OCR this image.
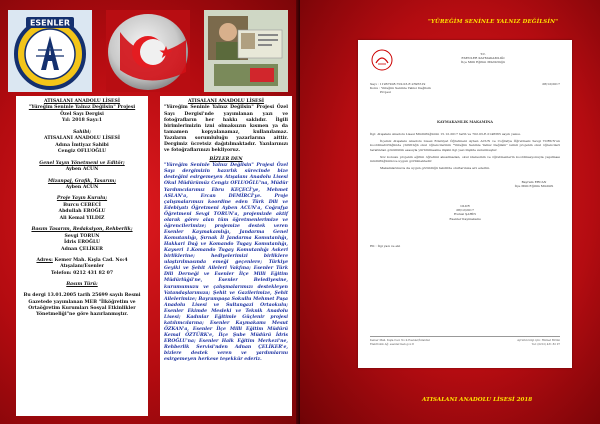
ESENLER

ATISALANI ANADOLU LİSESİ

"Yüreğim Seninle Yalnız Değilsin" Projesi

Özel Sayı Dergisi

Yıl: 2018 Sayı:1

Sahibi;

ATISALANI ANADOLU LİSESİ

Adına İmtiyaz Sahibi

Cengiz OFLUOĞLU

Genel Yayın Yönetmeni ve Editör;

Ayben ACUN

Mizanpaj, Grafik, Tasarım;

Ayben ACUN

Proje Yayın Kurulu;

Burcu CEBECİ

Abdullah EROĞLU

Ali Kemal YILDIZ

Basım Tasarım, Redaksiyon, Rehberlik;

Sevgi TORUN

İdris EROĞLU

Adnan ÇELİKER

Adres: Kemer Mah. Kışla Cad. No:4 Atışalanı/Esenler

Telefon: 0212 431 82 07

Basım Türü:

Bu dergi 13.01.2005 tarih 25699 sayılı Resmi Gazetede yayımlanan MEB "İlköğretim ve Ortaöğretim Kurumları Sosyal Etkinlikler Yönetmeliği"ne göre hazırlanmıştır.

ATISALANI ANADOLU LİSESİ

"Yüreğim Seninle Yalnız Değilsin" Projesi Özel Sayı Dergisi'nde yayımlanan yazı ve fotoğrafların her hakkı saklıdır. İlgili birimlerimizin izni olmaksızın kısmen ya da tamamen kopyalanamaz, kullanılamaz. Yazıların sorumluluğu yazarlarına aittir. Dergimiz ücretsiz dağıtılmaktadır. Yazılarınızı ve fotoğraflarınızı bekliyoruz.

BİZLER DEN

"Yüreğim Seninle Yalnız Değilsin" Projesi Özel Sayı dergimizin hazırlık sürecinde bize desteğini esirgemeyen Atışalanı Anadolu Lisesi Okul Müdürümüz Cengiz OFLUOĞLU'na, Müdür Yardımcılarımız Ebru KEÇECİ'ye, Mehmet ASLAN'a, Ercan DEMİRCİ'ye. Proje çalışmalarımızı koordine eden Türk Dili ve Edebiyatı Öğretmeni Ayben ACUN'a, Coğrafya Öğretmeni Sevgi TORUN'a, projemizde aktif olarak görev alan tüm öğretmenlerimize ve öğrencilerimize; projemize destek veren Esenler Kaymakamlığı, Jandarma Genel Komutanlığı, Şırnak İl Jandarma Komutanlığı, Hakkari Dağ ve Komando Tugay Komutanlığı, Kayseri 1.Komando Tugay Komutanlığı Askeri birliklerine; hediyelerimizi birliklere ulaştırılmasında emeği geçenlere; Türkiye Geyiki ve Şehit Aileleri Vakfına; Esenler Türk Dili Derneği ve Esenler İlçe Milli Eğitim Müdürlüğü'ne, Esenler Belediyesine, kurumumuzu ve çalışmalarımızı destekleyen Vatandaşlarımıza; Şehit ve Gazilerimize, Şehit Ailelerimize; Bayrampaşa Sokullu Mehmet Paşa Anadolu Lisesi ve Sultangazi Ortaokulu; Esenler Ekimde Mesleki ve Teknik Anadolu Lisesi; Kadınlar Eğitimle Güçlenir projesi katılımcılarına; Esenler Kaymakamı Mesut ÖZKAN'a, Esenler İlçe Milli Eğitim Müdürü Kemal ÖZTÜRK'e, İlçe Şube Müdürü İdris EROĞLU'na; Esenler Halk Eğitim Merkezi'ne, Rehberlik Servisi'nden Adnan ÇELİKER'e, bizlere destek veren ve yardımlarını esirgemeyen herkese teşekkür ederiz.

"YÜREĞİM SENİNLE YALNIZ DEĞİLSİN"

T.C.

ESENLER KAYMAKAMLIĞI

İlçe Milli Eğitim Müdürlüğü

Sayı : 11967208-702.03-E.2395519	28/12/2017

Konu : Yüreğim Seninle Yalnız Değilsin

Projesi

KAYMAKAMLIK MAKAMINA

İlgi: Atışalanı Anadolu Lisesi Müdürlüğünün 15.12.2017 tarih ve 702.03-E.2148365 sayılı yazısı.

İlçemiz Atışalanı Anadolu Lisesi Edebiyat Öğretmeni Ayben ACUN ve Coğrafya Öğretmeni Sevgi TORUN'un koordinatörlüğünde yürüttüğü okul öğrencilerinin "Yüreğim Seninle Yalnız Değilsin" isimli projenin okul öğrencileri tarafından gönüllülük esasıyla yürütülmesine ilişkin ilgi yazı ilişikte sunulmuştur.

Söz konusu projenin eğitim öğretimi aksatmadan, okul idaresinin ve öğretmenlerin koordinasyonuyla yapılması müdürlüğümüzce uygun görülmektedir.

Makamlarınızca da uygun görüldüğü takdirde olurlarınıza arz ederim.

Bayram ERCAN

İlçe Milli Eğitim Müdürü

OLUR

28/12/2017

Hulusi ŞAHİN

Esenler Kaymakamı

EK : İlgi yazı ve eki

Kemer Mah. Kışla Cad. No:4 Esenler/İstanbul

Elektronik Ağ: esenler.meb.gov.tr

Ayrıntılı bilgi için: Hizmet Birimi

Tel: (0212) 431 82 07

ATISALANI ANADOLU LİSESİ 2018
